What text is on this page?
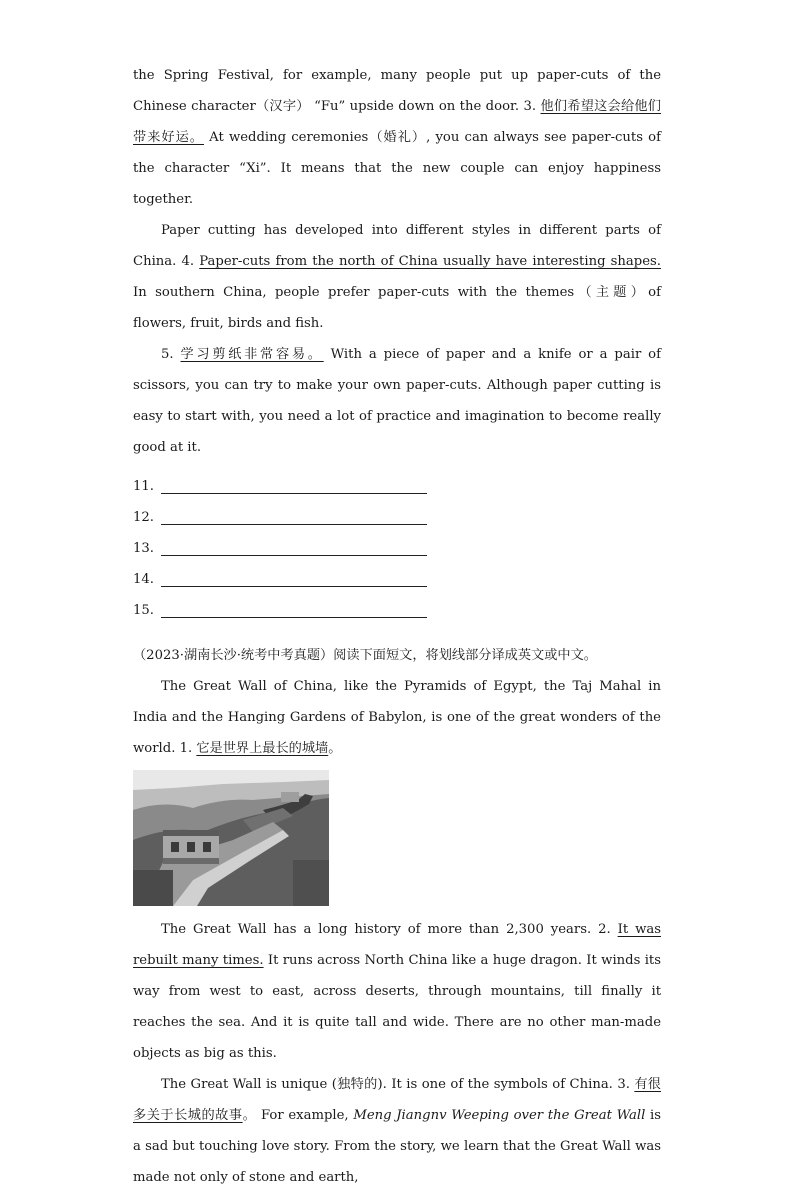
the Spring Festival, for example, many people put up paper-cuts of the Chinese character（汉字） “Fu” upside down on the door. 3. 他们希望这会给他们带来好运。 At wedding ceremonies（婚礼）, you can always see paper-cuts of the character “Xi”. It means that the new couple can enjoy happiness together.

Paper cutting has developed into different styles in different parts of China. 4. Paper-cuts from the north of China usually have interesting shapes. In southern China, people prefer paper-cuts with the themes（主题）of flowers, fruit, birds and fish.

5. 学习剪纸非常容易。 With a piece of paper and a knife or a pair of scissors, you can try to make your own paper-cuts. Although paper cutting is easy to start with, you need a lot of practice and imagination to become really good at it.

11.
12.
13.
14.
15.

（2023·湖南长沙·统考中考真题）阅读下面短文，将划线部分译成英文或中文。

The Great Wall of China, like the Pyramids of Egypt, the Taj Mahal in India and the Hanging Gardens of Babylon, is one of the great wonders of the world. 1. 它是世界上最长的城墙。

The Great Wall has a long history of more than 2,300 years. 2. It was rebuilt many times. It runs across North China like a huge dragon. It winds its way from west to east, across deserts, through mountains, till finally it reaches the sea. And it is quite tall and wide. There are no other man-made objects as big as this.

The Great Wall is unique (独特的). It is one of the symbols of China. 3. 有很多关于长城的故事。 For example, Meng Jiangnv Weeping over the Great Wall is a sad but touching love story. From the story, we learn that the Great Wall was made not only of stone and earth,
